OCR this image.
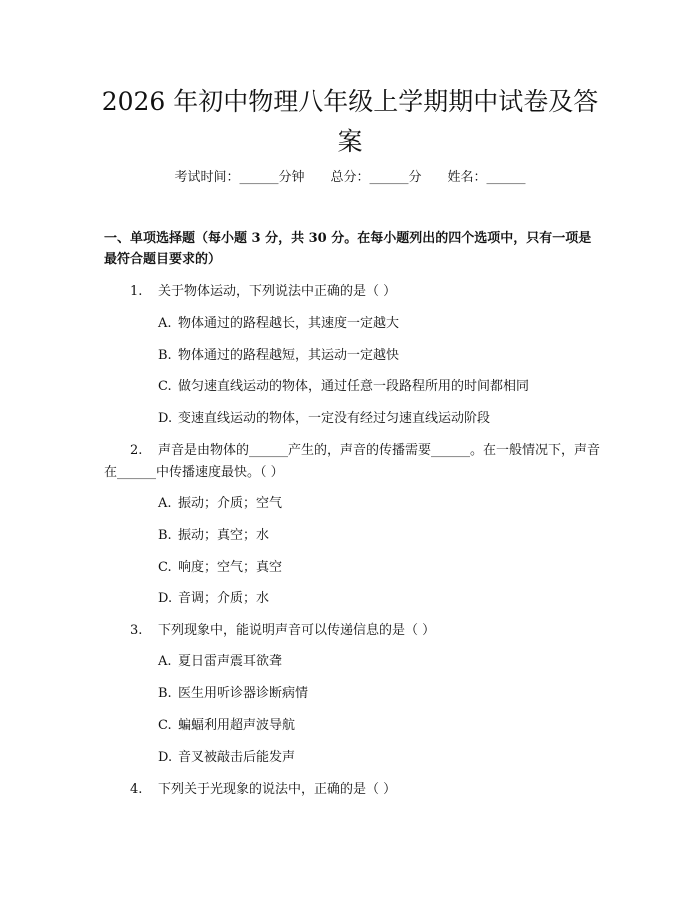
2026 年初中物理八年级上学期期中试卷及答案
考试时间：______分钟 总分：______分 姓名：______

一、单项选择题（每小题 3 分，共 30 分。在每小题列出的四个选项中，只有一项是最符合题目要求的）

1. 关于物体运动，下列说法中正确的是（ ）
A. 物体通过的路程越长，其速度一定越大
B. 物体通过的路程越短，其运动一定越快
C. 做匀速直线运动的物体，通过任意一段路程所用的时间都相同
D. 变速直线运动的物体，一定没有经过匀速直线运动阶段
2. 声音是由物体的______产生的，声音的传播需要______。在一般情况下，声音在______中传播速度最快。（ ）
A. 振动；介质；空气
B. 振动；真空；水
C. 响度；空气；真空
D. 音调；介质；水
3. 下列现象中，能说明声音可以传递信息的是（ ）
A. 夏日雷声震耳欲聋
B. 医生用听诊器诊断病情
C. 蝙蝠利用超声波导航
D. 音叉被敲击后能发声
4. 下列关于光现象的说法中，正确的是（ ）
